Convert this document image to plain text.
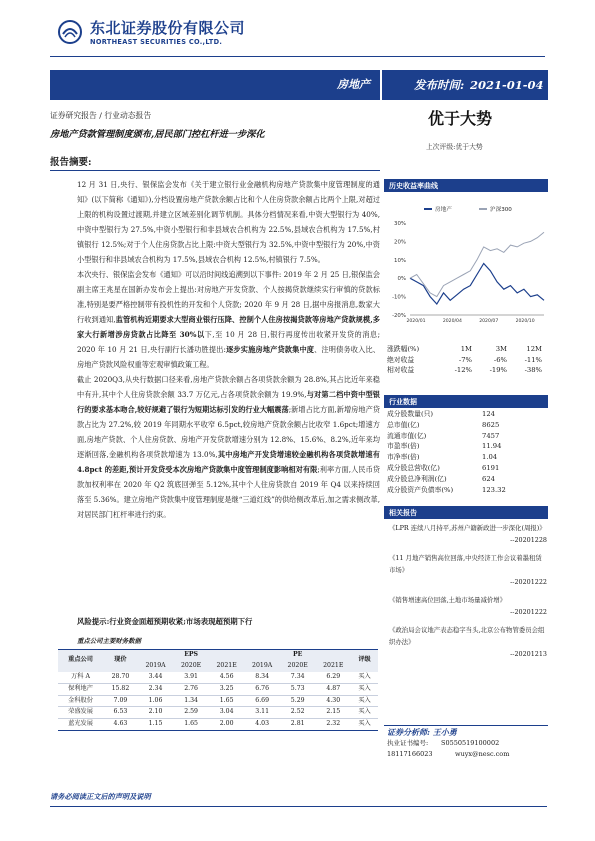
东北证券股份有限公司
NORTHEAST SECURITIES CO.,LTD.
房地产	发布时间: 2021-01-04
证券研究报告 / 行业动态报告
房地产贷款管理制度颁布,居民部门控杠杆进一步深化
优于大势
上次评级:优于大势
报告摘要:

12 月 31 日,央行、银保监会发布《关于建立银行业金融机构房地产贷款集中度管理制度的通知》(以下简称《通知》),分档设置房地产贷款余额占比和个人住房贷款余额占比两个上限,对超过上限的机构设置过渡期,并建立区域差别化调节机制。具体分档情况来看,中资大型银行为 40%,中资中型银行为 27.5%,中资小型银行和非县域农合机构为 22.5%,县域农合机构为 17.5%,村镇银行 12.5%;对于个人住房贷款占比上限:中资大型银行为 32.5%,中资中型银行为 20%,中资小型银行和非县域农合机构为 17.5%,县域农合机构 12.5%,村镇银行 7.5%。

本次央行、银保监会发布《通知》可以沿时间线追溯到以下事件: 2019 年 2 月 25 日,银保监会副主席王兆星在国新办发布会上提出:对房地产开发贷款、个人按揭贷款继续实行审慎的贷款标准,特别是要严格控制带有投机性的开发和个人贷款; 2020 年 9 月 28 日,据中房报消息,数家大行收到通知,监管机构近期要求大型商业银行压降、控制个人住房按揭贷款等房地产贷款规模,多家大行新增涉房贷款占比降至 30%以下,至 10 月 28 日,银行再度传出收紧开发贷的消息; 2020 年 10 月 21 日,央行副行长潘功胜提出:逐步实施房地产贷款集中度、注明债务收入比、房地产贷款风险权重等宏观审慎政策工程。

截止 2020Q3,从央行数据口径来看,房地产贷款余额占各项贷款余额为 28.8%,其占比近年来稳中有升,其中个人住房贷款余额 33.7 万亿元,占各项贷款余额为 19.9%,与对第二档中资中型银行的要求基本吻合,较好规避了银行为短期达标引发的行业大幅震荡;新增占比方面,新增房地产贷款占比为 27.2%,较 2019 年同期水平收窄 6.5pct,较房地产贷款余额占比收窄 1.6pct;增速方面,房地产贷款、个人住房贷款、房地产开发贷款增速分别为 12.8%、15.6%、8.2%,近年来均逐渐回落,金融机构各项贷款增速为 13.0%,其中房地产开发贷增速较金融机构各项贷款增速有 4.8pct 的差距,预计开发贷受本次房地产贷款集中度管理制度影响相对有限;利率方面,人民币贷款加权利率在 2020 年 Q2 筑底回弹至 5.12%,其中个人住房贷款自 2019 年 Q4 以来持续回落至 5.36%。建立房地产贷款集中度管理制度是继“三道红线”的供给侧改革后,加之需求侧改革,对居民部门杠杆率进行约束。

风险提示:行业资金面超预期收紧;市场表现超预期下行
重点公司主要财务数据
重点公司	现价	EPS			PE			评级
		2019A	2020E	2021E	2019A	2020E	2021E	
万科 A	28.70	3.44	3.91	4.56	8.34	7.34	6.29	买入
保利地产	15.82	2.34	2.76	3.25	6.76	5.73	4.87	买入
金科股份	7.09	1.06	1.34	1.65	6.69	5.29	4.30	买入
荣盛发展	6.53	2.10	2.59	3.04	3.11	2.52	2.15	买入
蓝光发展	4.63	1.15	1.65	2.00	4.03	2.81	2.32	买入
历史收益率曲线
30%
20%
10%
0%
-10%
-20%
2020/01	2020/04	2020/07	2020/10
房地产	沪深300
涨跌幅(%)	1M	3M	12M
绝对收益	-7%	-6%	-11%
相对收益	-12%	-19%	-38%
行业数据
成分股数量(只)	124
总市值(亿)	8625
流通市值(亿)	7457
市盈率(倍)	11.94
市净率(倍)	1.04
成分股总营收(亿)	6191
成分股总净利润(亿)	624
成分股资产负债率(%)	123.32
相关报告
《LPR 连续八月持平,苏州户籍新政进一步深化(周报)》
--20201228
《11 月地产销售高位回落,中央经济工作会议着墨租赁市场》
--20201222
《销售增速高位回落,土地市场量减价增》
--20201222
《政治局会议地产表态稳字当头,北京公布物管委员会组织办法》
--20201213
证券分析师: 王小勇
执业证书编号:	S0550519100002
18117166023	wuyx@nesc.com
请务必阅读正文后的声明及说明
